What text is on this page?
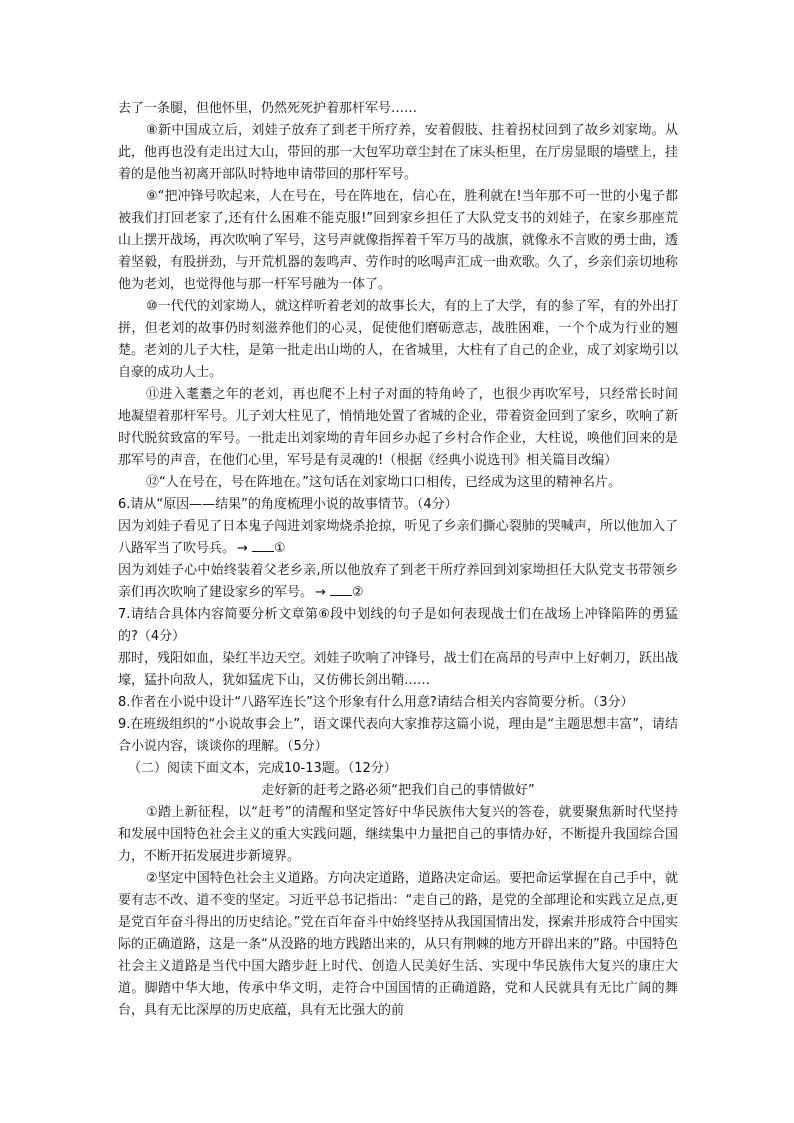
去了一条腿，但他怀里，仍然死死护着那杆军号……

⑧新中国成立后，刘娃子放弃了到老干所疗养，安着假肢、拄着拐杖回到了故乡刘家坳。从此，他再也没有走出过大山，带回的那一大包军功章尘封在了床头柜里，在厅房显眼的墙壁上，挂着的是他当初离开部队时特地申请带回的那杆军号。

⑨“把冲锋号吹起来，人在号在，号在阵地在，信心在，胜利就在!当年那不可一世的小鬼子都被我们打回老家了,还有什么困难不能克服!”回到家乡担任了大队党支书的刘娃子，在家乡那座荒山上摆开战场，再次吹响了军号，这号声就像指挥着千军万马的战旗，就像永不言败的勇士曲，透着坚毅，有股拼劲，与开荒机器的轰鸣声、劳作时的吆喝声汇成一曲欢歌。久了，乡亲们亲切地称他为老刘，也觉得他与那一杆军号融为一体了。

⑩一代代的刘家坳人，就这样听着老刘的故事长大，有的上了大学，有的参了军，有的外出打拼，但老刘的故事仍时刻滋养他们的心灵，促使他们磨砺意志，战胜困难，一个个成为行业的翘楚。老刘的儿子大柱，是第一批走出山坳的人，在省城里，大柱有了自己的企业，成了刘家坳引以自豪的成功人士。

⑪进入耄耋之年的老刘，再也爬不上村子对面的特角岭了，也很少再吹军号，只经常长时间地凝望着那杆军号。儿子刘大柱见了，悄悄地处置了省城的企业，带着资金回到了家乡，吹响了新时代脱贫致富的军号。一批走出刘家坳的青年回乡办起了乡村合作企业，大柱说，唤他们回来的是那军号的声音，在他们心里，军号是有灵魂的!（根据《经典小说选刊》相关篇目改编）

⑫“人在号在，号在阵地在。”这句话在刘家坳口口相传，已经成为这里的精神名片。

6.请从“原因——结果”的角度梳理小说的故事情节。（4分）

因为刘娃子看见了日本鬼子闯进刘家坳烧杀抢掠，听见了乡亲们撕心裂肺的哭喊声，所以他加入了八路军当了吹号兵。 → ①

因为刘娃子心中始终装着父老乡亲,所以他放弃了到老干所疗养回到刘家坳担任大队党支书带领乡亲们再次吹响了建设家乡的军号。 → ②

7.请结合具体内容简要分析文章第⑥段中划线的句子是如何表现战士们在战场上冲锋陷阵的勇猛的?（4分）

那时，残阳如血，染红半边天空。刘娃子吹响了冲锋号，战士们在高昂的号声中上好刺刀，跃出战壕，猛扑向敌人，犹如猛虎下山，又仿佛长剑出鞘……

8.作者在小说中设计“八路军连长”这个形象有什么用意?请结合相关内容简要分析。（3分）

9.在班级组织的“小说故事会上”，语文课代表向大家推荐这篇小说，理由是“主题思想丰富”，请结合小说内容，谈谈你的理解。（5分）

（二）阅读下面文本，完成10-13题。（12分）

走好新的赶考之路必须“把我们自己的事情做好”

①踏上新征程，以“赶考”的清醒和坚定答好中华民族伟大复兴的答卷，就要聚焦新时代坚持和发展中国特色社会主义的重大实践问题，继续集中力量把自己的事情办好，不断提升我国综合国力，不断开拓发展进步新境界。

②坚定中国特色社会主义道路。方向决定道路，道路决定命运。要把命运掌握在自己手中，就要有志不改、道不变的坚定。习近平总书记指出：“走自己的路，是党的全部理论和实践立足点,更是党百年奋斗得出的历史结论。”党在百年奋斗中始终坚持从我国国情出发，探索并形成符合中国实际的正确道路，这是一条“从没路的地方践踏出来的，从只有荆棘的地方开辟出来的”路。中国特色社会主义道路是当代中国大踏步赶上时代、创造人民美好生活、实现中华民族伟大复兴的康庄大道。脚踏中华大地，传承中华文明，走符合中国国情的正确道路，党和人民就具有无比广阔的舞台，具有无比深厚的历史底蕴，具有无比强大的前
